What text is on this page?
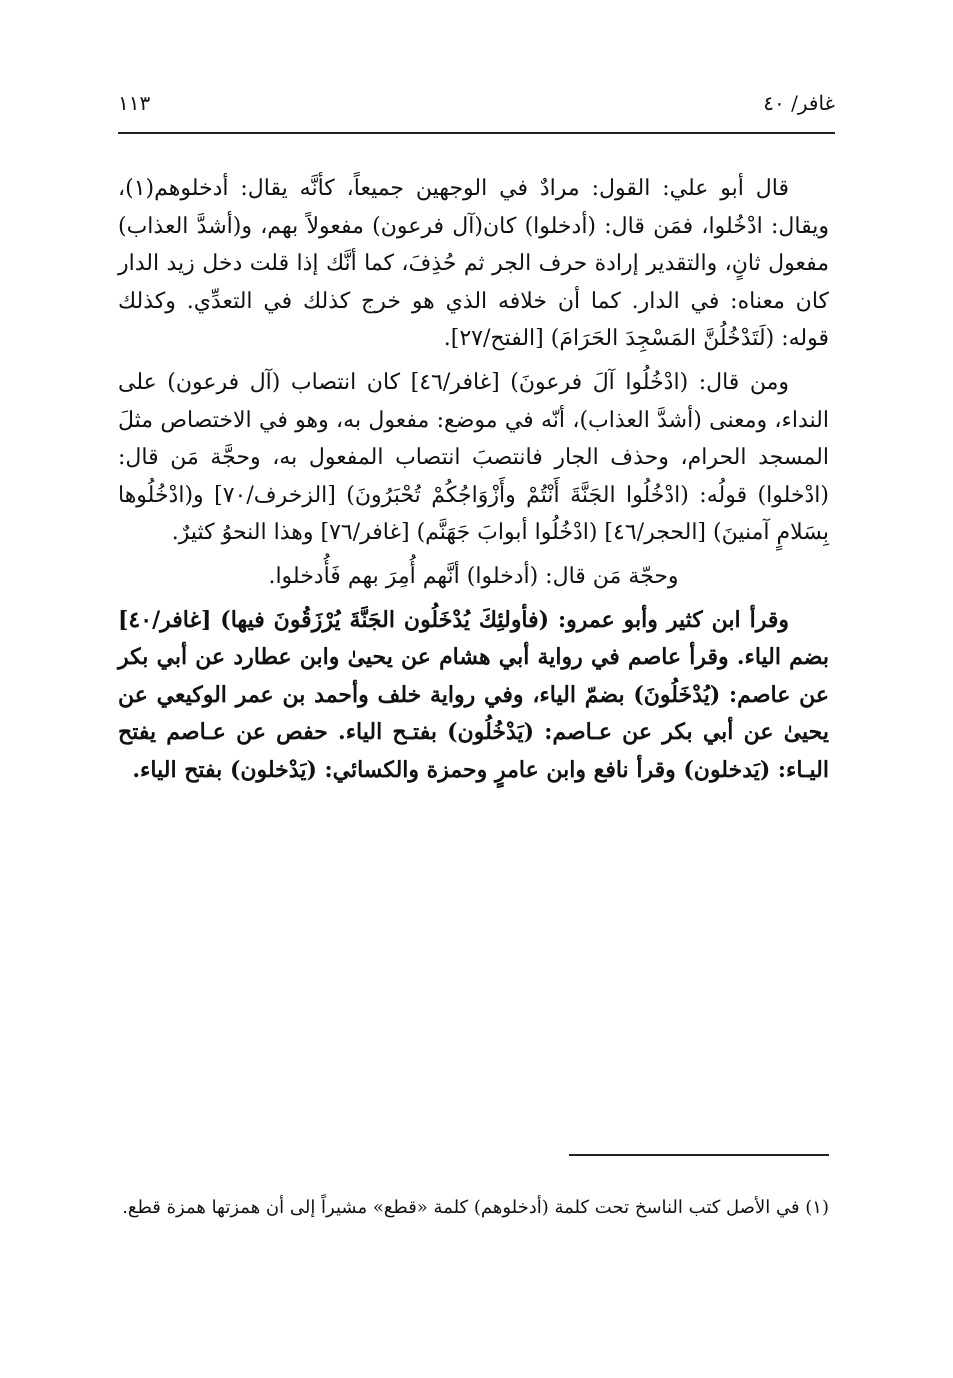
غافر/ ٤٠
١١٣

قال أبو علي: القول: مرادٌ في الوجهين جميعاً، كأنَّه يقال: أدخلوهم(١)، ويقال: ادْخُلوا، فمَن قال: (أدخلوا) كان(آل فرعون) مفعولاً بهم، و(أشدَّ العذاب) مفعول ثانٍ، والتقدير إرادة حرف الجر ثم حُذِفَ، كما أنَّك إذا قلت دخل زيد الدار كان معناه: في الدار. كما أن خلافه الذي هو خرج كذلك في التعدِّي. وكذلك قوله: (لَتَدْخُلُنَّ المَسْجِدَ الحَرَامَ) [الفتح/٢٧].

ومن قال: (ادْخُلُوا آلَ فرعونَ) [غافر/٤٦] كان انتصاب (آل فرعون) على النداء، ومعنى (أشدَّ العذاب)، أنّه في موضع: مفعول به، وهو في الاختصاص مثلَ المسجد الحرام، وحذف الجار فانتصبَ انتصاب المفعول به، وحجَّة مَن قال: (ادْخلوا) قولُه: (ادْخُلُوا الجَنَّةَ أَنْتُمْ وأَزْوَاجُكُمْ تُحْبَرُونَ) [الزخرف/٧٠] و(ادْخُلُوها بِسَلامٍ آمنينَ) [الحجر/٤٦] (ادْخُلُوا أبوابَ جَهَنَّم) [غافر/٧٦] وهذا النحوُ كثيرٌ.

وحجّة مَن قال: (أدخلوا) أنَّهم أُمِرَ بهم فَأُدخلوا.

وقرأ ابن كثير وأبو عمرو: (فأولئِكَ يُدْخَلُون الجَنَّةَ يُرْزَقُونَ فيها) [غافر/٤٠] بضم الياء. وقرأ عاصم في رواية أبي هشام عن يحيىٰ وابن عطارد عن أبي بكر عن عاصم: (يُدْخَلُونَ) بضمّ الياء، وفي رواية خلف وأحمد بن عمر الوكيعي عن يحيىٰ عن أبي بكر عن عـاصم: (يَدْخُلُون) بفتـح الياء. حفص عن عـاصم يفتح اليـاء: (يَدخلون) وقرأ نافع وابن عامرٍ وحمزة والكسائي: (يَدْخلون) بفتح الياء.

(١) في الأصل كتب الناسخ تحت كلمة (أدخلوهم) كلمة «قطع» مشيراً إلى أن همزتها همزة قطع.
